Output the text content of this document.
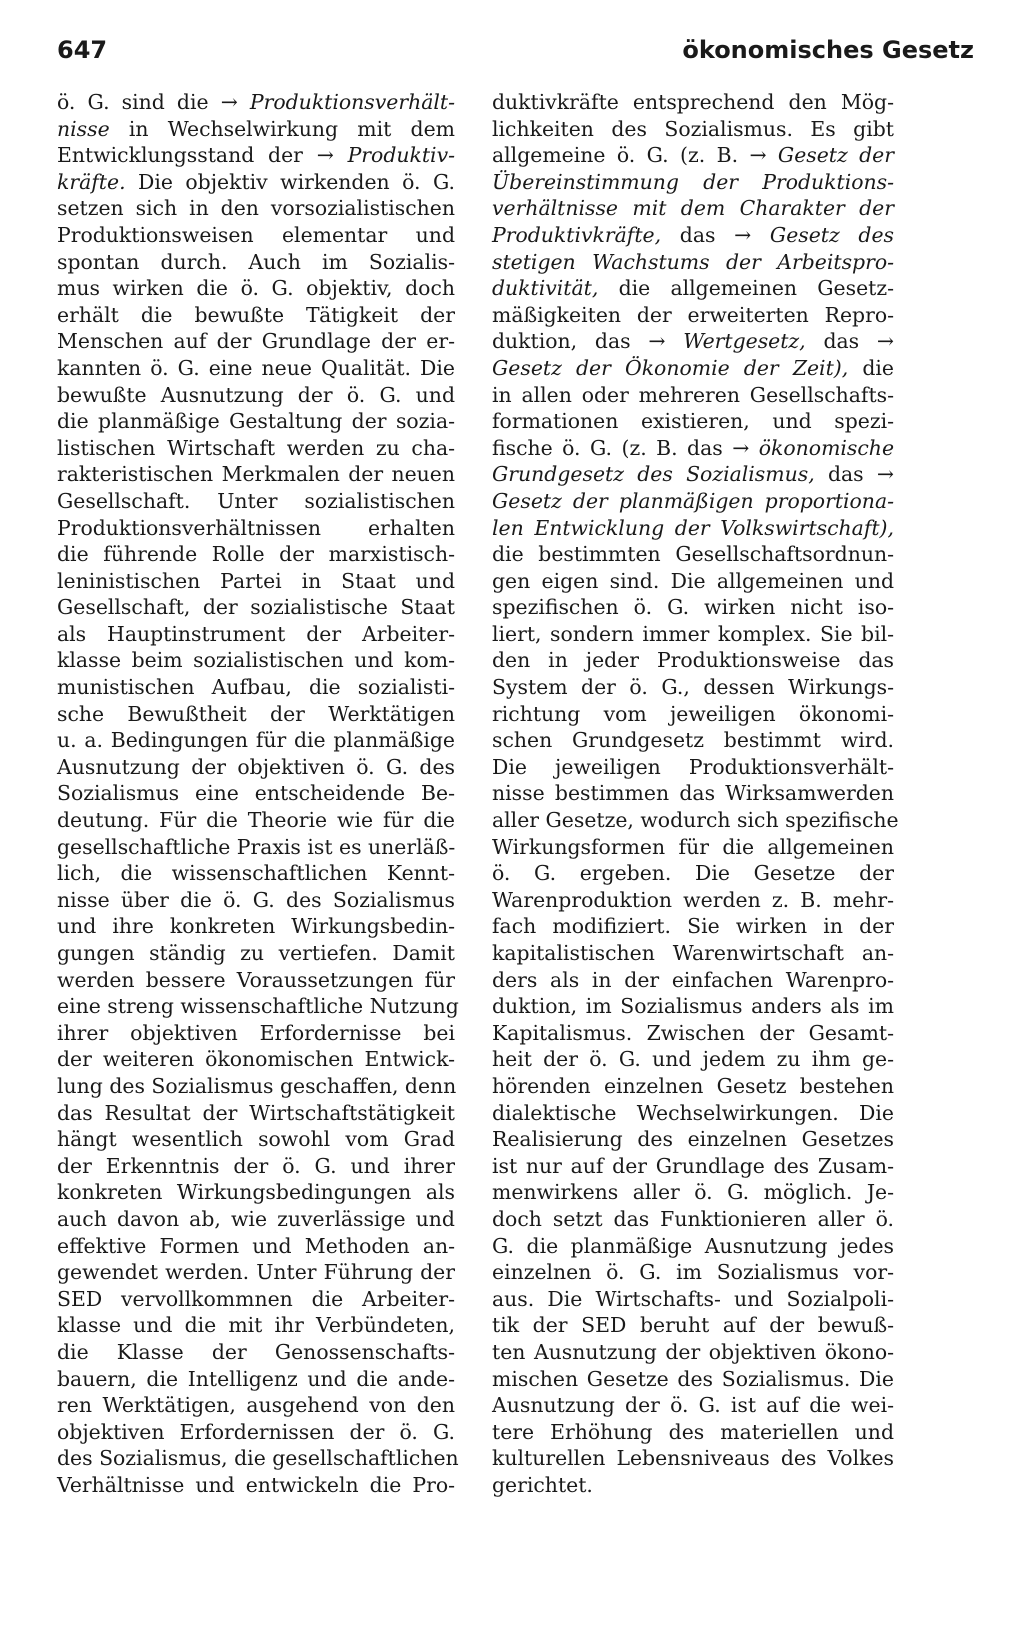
647	ökonomisches Gesetz
ö. G. sind die → Produktionsverhält-
nisse in Wechselwirkung mit dem
Entwicklungsstand der → Produktiv-
kräfte. Die objektiv wirkenden ö. G.
setzen sich in den vorsozialistischen
Produktionsweisen elementar und
spontan durch. Auch im Sozialis-
mus wirken die ö. G. objektiv, doch
erhält die bewußte Tätigkeit der
Menschen auf der Grundlage der er-
kannten ö. G. eine neue Qualität. Die
bewußte Ausnutzung der ö. G. und
die planmäßige Gestaltung der sozia-
listischen Wirtschaft werden zu cha-
rakteristischen Merkmalen der neuen
Gesellschaft. Unter sozialistischen
Produktionsverhältnissen erhalten
die führende Rolle der marxistisch-
leninistischen Partei in Staat und
Gesellschaft, der sozialistische Staat
als Hauptinstrument der Arbeiter-
klasse beim sozialistischen und kom-
munistischen Aufbau, die sozialisti-
sche Bewußtheit der Werktätigen
u. a. Bedingungen für die planmäßige
Ausnutzung der objektiven ö. G. des
Sozialismus eine entscheidende Be-
deutung. Für die Theorie wie für die
gesellschaftliche Praxis ist es unerläß-
lich, die wissenschaftlichen Kennt-
nisse über die ö. G. des Sozialismus
und ihre konkreten Wirkungsbedin-
gungen ständig zu vertiefen. Damit
werden bessere Voraussetzungen für
eine streng wissenschaftliche Nutzung
ihrer objektiven Erfordernisse bei
der weiteren ökonomischen Entwick-
lung des Sozialismus geschaffen, denn
das Resultat der Wirtschaftstätigkeit
hängt wesentlich sowohl vom Grad
der Erkenntnis der ö. G. und ihrer
konkreten Wirkungsbedingungen als
auch davon ab, wie zuverlässige und
effektive Formen und Methoden an-
gewendet werden. Unter Führung der
SED vervollkommnen die Arbeiter-
klasse und die mit ihr Verbündeten,
die Klasse der Genossenschafts-
bauern, die Intelligenz und die ande-
ren Werktätigen, ausgehend von den
objektiven Erfordernissen der ö. G.
des Sozialismus, die gesellschaftlichen
Verhältnisse und entwickeln die Pro-
duktivkräfte entsprechend den Mög-
lichkeiten des Sozialismus. Es gibt
allgemeine ö. G. (z. B. → Gesetz der
Übereinstimmung der Produktions-
verhältnisse mit dem Charakter der
Produktivkräfte, das → Gesetz des
stetigen Wachstums der Arbeitspro-
duktivität, die allgemeinen Gesetz-
mäßigkeiten der erweiterten Repro-
duktion, das → Wertgesetz, das →
Gesetz der Ökonomie der Zeit), die
in allen oder mehreren Gesellschafts-
formationen existieren, und spezi-
fische ö. G. (z. B. das → ökonomische
Grundgesetz des Sozialismus, das →
Gesetz der planmäßigen proportiona-
len Entwicklung der Volkswirtschaft),
die bestimmten Gesellschaftsordnun-
gen eigen sind. Die allgemeinen und
spezifischen ö. G. wirken nicht iso-
liert, sondern immer komplex. Sie bil-
den in jeder Produktionsweise das
System der ö. G., dessen Wirkungs-
richtung vom jeweiligen ökonomi-
schen Grundgesetz bestimmt wird.
Die jeweiligen Produktionsverhält-
nisse bestimmen das Wirksamwerden
aller Gesetze, wodurch sich spezifische
Wirkungsformen für die allgemeinen
ö. G. ergeben. Die Gesetze der
Warenproduktion werden z. B. mehr-
fach modifiziert. Sie wirken in der
kapitalistischen Warenwirtschaft an-
ders als in der einfachen Warenpro-
duktion, im Sozialismus anders als im
Kapitalismus. Zwischen der Gesamt-
heit der ö. G. und jedem zu ihm ge-
hörenden einzelnen Gesetz bestehen
dialektische Wechselwirkungen. Die
Realisierung des einzelnen Gesetzes
ist nur auf der Grundlage des Zusam-
menwirkens aller ö. G. möglich. Je-
doch setzt das Funktionieren aller ö.
G. die planmäßige Ausnutzung jedes
einzelnen ö. G. im Sozialismus vor-
aus. Die Wirtschafts- und Sozialpoli-
tik der SED beruht auf der bewuß-
ten Ausnutzung der objektiven ökono-
mischen Gesetze des Sozialismus. Die
Ausnutzung der ö. G. ist auf die wei-
tere Erhöhung des materiellen und
kulturellen Lebensniveaus des Volkes
gerichtet.
